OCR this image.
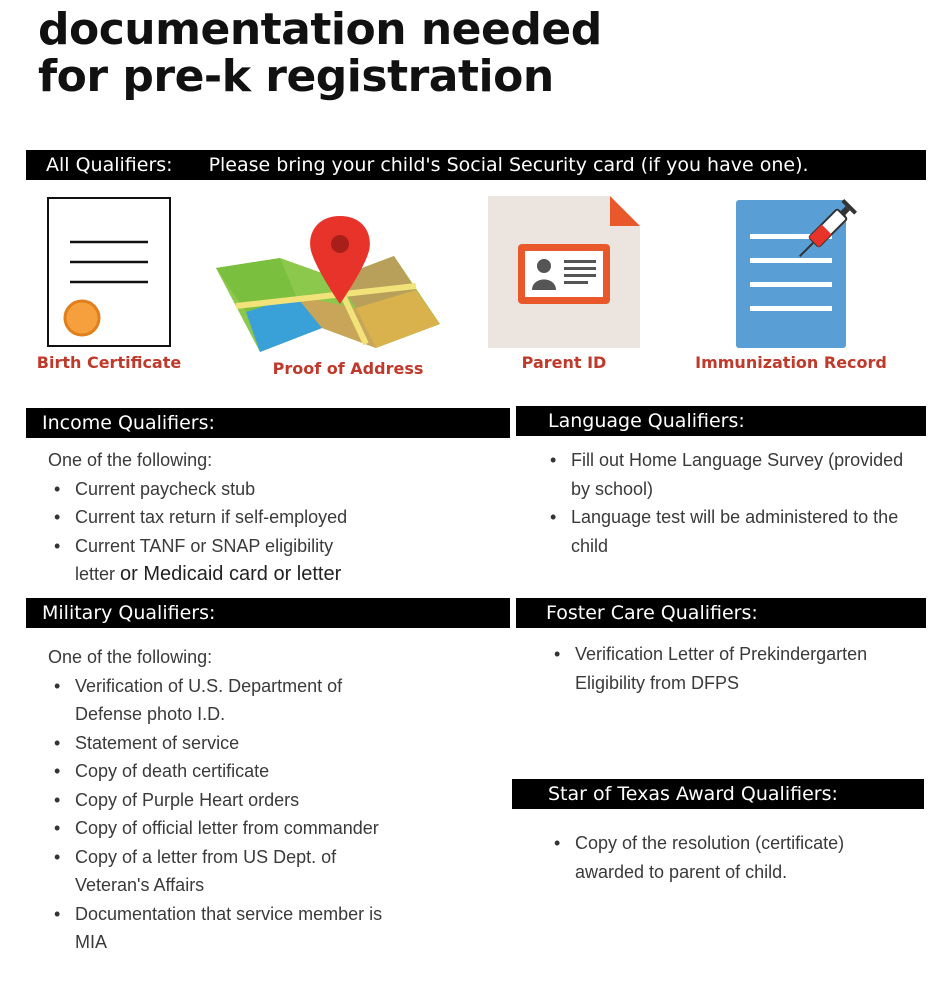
documentation needed
for pre-k registration
All Qualifiers: Please bring your child's Social Security card (if you have one).
Birth Certificate	Proof of Address	Parent ID	Immunization Record
Income Qualifiers:

One of the following:

• Current paycheck stub
• Current tax return if self-employed
• Current TANF or SNAP eligibility
letter or Medicaid card or letter
Language Qualifiers:
• Fill out Home Language Survey (provided by school)
• Language test will be administered to the child
Military Qualifiers:

One of the following:

• Verification of U.S. Department of Defense photo I.D.
• Statement of service
• Copy of death certificate
• Copy of Purple Heart orders
• Copy of official letter from commander
• Copy of a letter from US Dept. of Veteran's Affairs
• Documentation that service member is MIA
Foster Care Qualifiers:
• Verification Letter of Prekindergarten Eligibility from DFPS
Star of Texas Award Qualifiers:
• Copy of the resolution (certificate) awarded to parent of child.
